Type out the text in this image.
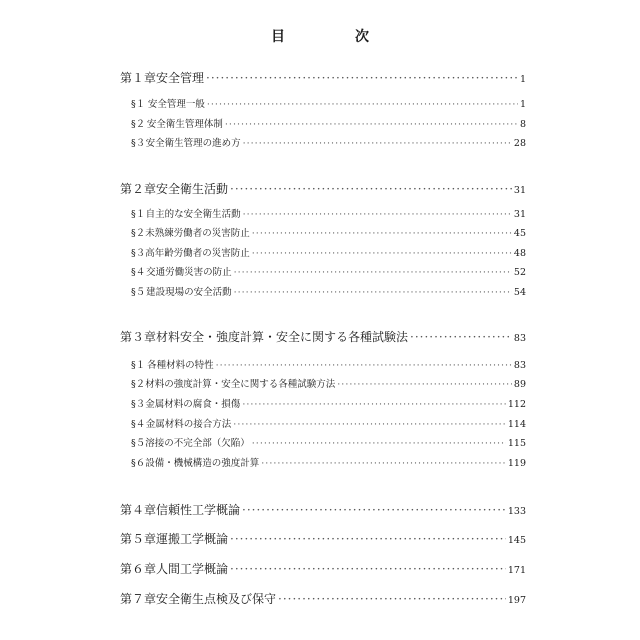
目　次
第１章 安全管理 ·····	1
§１ 安全管理一般 ·····	1
§２ 安全衛生管理体制 ·····	8
§３ 安全衛生管理の進め方 ·····	28
第２章 安全衛生活動 ·····	31
§１ 自主的な安全衛生活動 ·····	31
§２ 未熟練労働者の災害防止 ·····	45
§３ 高年齢労働者の災害防止 ·····	48
§４ 交通労働災害の防止 ·····	52
§５ 建設現場の安全活動 ·····	54
第３章 材料安全・強度計算・安全に関する各種試験法 ·····	83
§１ 各種材料の特性 ·····	83
§２ 材料の強度計算・安全に関する各種試験方法 ·····	89
§３ 金属材料の腐食・損傷 ·····	112
§４ 金属材料の接合方法 ·····	114
§５ 溶接の不完全部（欠陥） ·····	115
§６ 設備・機械構造の強度計算 ·····	119
第４章 信頼性工学概論 ·····	133
第５章 運搬工学概論 ·····	145
第６章 人間工学概論 ·····	171
第７章 安全衛生点検及び保守 ·····	197
